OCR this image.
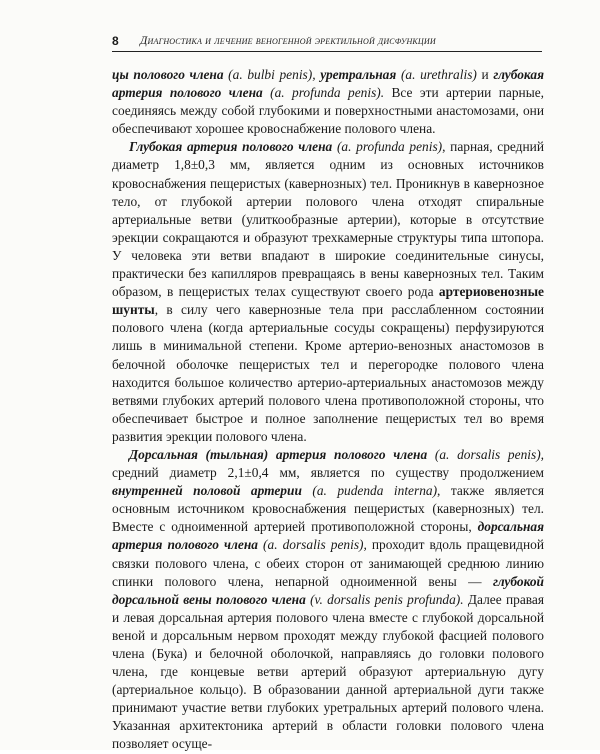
8 Диагностика и лечение веногенной эректильной дисфункции

цы полового члена (a. bulbi penis), уретральная (a. urethralis) и глубокая артерия полового члена (a. profunda penis). Все эти артерии парные, соединяясь между собой глубокими и поверхностными анастомозами, они обеспечивают хорошее кровоснабжение полового члена.

Глубокая артерия полового члена (a. profunda penis), парная, средний диаметр 1,8±0,3 мм, является одним из основных источников кровоснабжения пещеристых (кавернозных) тел. Проникнув в кавернозное тело, от глубокой артерии полового члена отходят спиральные артериальные ветви (улиткообразные артерии), которые в отсутствие эрекции сокращаются и образуют трехкамерные структуры типа штопора. У человека эти ветви впадают в широкие соединительные синусы, практически без капилляров превращаясь в вены кавернозных тел. Таким образом, в пещеристых телах существуют своего рода артериовенозные шунты, в силу чего кавернозные тела при расслабленном состоянии полового члена (когда артериальные сосуды сокращены) перфузируются лишь в минимальной степени. Кроме артерио-венозных анастомозов в белочной оболочке пещеристых тел и перегородке полового члена находится большое количество артерио-артериальных анастомозов между ветвями глубоких артерий полового члена противоположной стороны, что обеспечивает быстрое и полное заполнение пещеристых тел во время развития эрекции полового члена.

Дорсальная (тыльная) артерия полового члена (a. dorsalis penis), средний диаметр 2,1±0,4 мм, является по существу продолжением внутренней половой артерии (a. pudenda interna), также является основным источником кровоснабжения пещеристых (кавернозных) тел. Вместе с одноименной артерией противоположной стороны, дорсальная артерия полового члена (a. dorsalis penis), проходит вдоль пращевидной связки полового члена, с обеих сторон от занимающей среднюю линию спинки полового члена, непарной одноименной вены — глубокой дорсальной вены полового члена (v. dorsalis penis profunda). Далее правая и левая дорсальная артерия полового члена вместе с глубокой дорсальной веной и дорсальным нервом проходят между глубокой фасцией полового члена (Бука) и белочной оболочкой, направляясь до головки полового члена, где концевые ветви артерий образуют артериальную дугу (артериальное кольцо). В образовании данной артериальной дуги также принимают участие ветви глубоких уретральных артерий полового члена. Указанная архитектоника артерий в области головки полового члена позволяет осуще-
